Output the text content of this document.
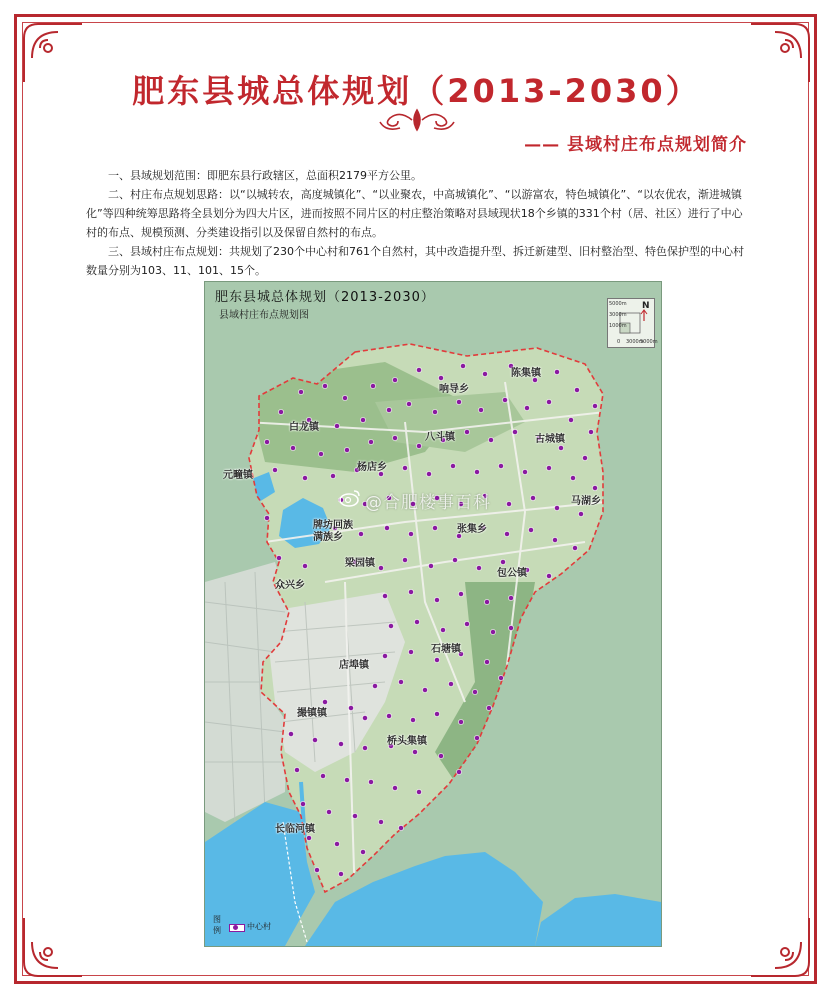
肥东县城总体规划（2013-2030）
—— 县域村庄布点规划简介

一、县域规划范围：即肥东县行政辖区，总面积2179平方公里。

二、村庄布点规划思路：以“以城转农，高度城镇化”、“以业聚农，中高城镇化”、“以游富农，特色城镇化”、“以农优农，渐进城镇化”等四种统筹思路将全县划分为四大片区，进而按照不同片区的村庄整治策略对县域现状18个乡镇的331个村（居、社区）进行了中心村的布点、规模预测、分类建设指引以及保留自然村的布点。

三、县域村庄布点规划：共规划了230个中心村和761个自然村，其中改造提升型、拆迁新建型、旧村整治型、特色保护型的中心村数量分别为103、11、101、15个。

肥东县城总体规划（2013-2030）
县域村庄布点规划图
N
5000m
3000m
1000m
0 3000m
5000m
陈集镇
响导乡
白龙镇
八斗镇	古城镇
元疃镇
杨店乡
马湖乡
牌坊回族满族乡
张集乡
梁园镇
包公镇
众兴乡
石塘镇
店埠镇
撮镇镇
桥头集镇
长临河镇
@合肥楼事百科
图例	中心村
